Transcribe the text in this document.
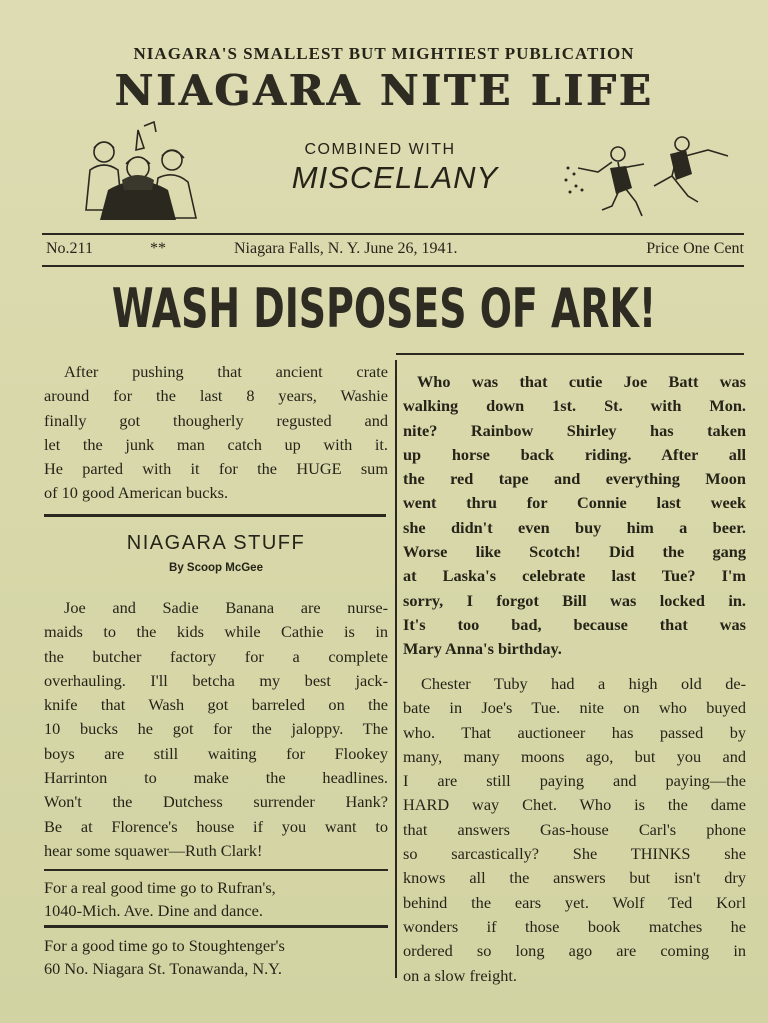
NIAGARA'S SMALLEST BUT MIGHTIEST PUBLICATION
NIAGARA NITE LIFE
COMBINED WITH
MISCELLANY
No.211	**	Niagara Falls, N. Y. June 26, 1941.	Price One Cent
WASH DISPOSES OF ARK!

After pushing that ancient crate
around for the last 8 years, Washie
finally got thougherly regusted and
let the junk man catch up with it.
He parted with it for the HUGE sum
of 10 good American bucks.

NIAGARA STUFF
By Scoop McGee

Joe and Sadie Banana are nurse-
maids to the kids while Cathie is in
the butcher factory for a complete
overhauling. I'll betcha my best jack-
knife that Wash got barreled on the
10 bucks he got for the jaloppy. The
boys are still waiting for Flookey
Harrinton to make the headlines.
Won't the Dutchess surrender Hank?
Be at Florence's house if you want to
hear some squawer—Ruth Clark!

For a real good time go to Rufran's,
1040-Mich. Ave. Dine and dance.
For a good time go to Stoughtenger's
60 No. Niagara St. Tonawanda, N.Y.

Who was that cutie Joe Batt was
walking down 1st. St. with Mon.
nite? Rainbow Shirley has taken
up horse back riding. After all
the red tape and everything Moon
went thru for Connie last week
she didn't even buy him a beer.
Worse like Scotch! Did the gang
at Laska's celebrate last Tue? I'm
sorry, I forgot Bill was locked in.
It's too bad, because that was
Mary Anna's birthday.

Chester Tuby had a high old de-
bate in Joe's Tue. nite on who buyed
who. That auctioneer has passed by
many, many moons ago, but you and
I are still paying and paying—the
HARD way Chet. Who is the dame
that answers Gas-house Carl's phone
so sarcastically? She THINKS she
knows all the answers but isn't dry
behind the ears yet. Wolf Ted Korl
wonders if those book matches he
ordered so long ago are coming in
on a slow freight.
